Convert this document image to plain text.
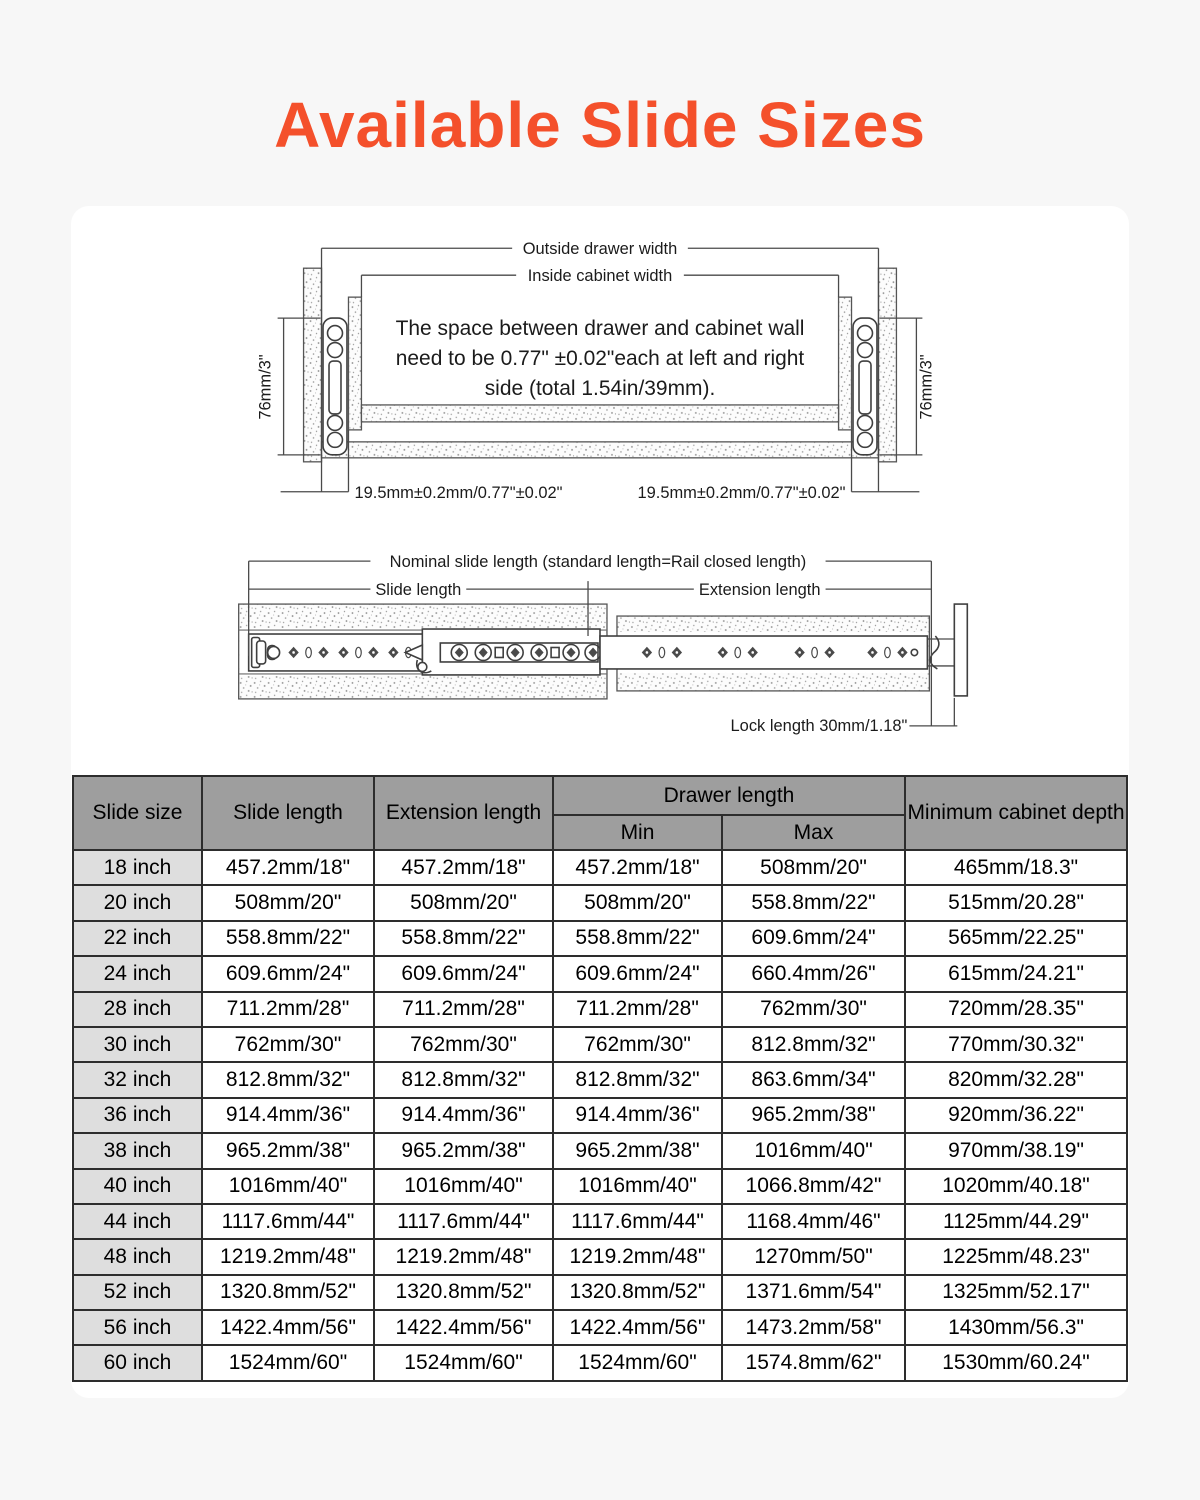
Available Slide Sizes
Outside drawer width
Inside cabinet width
76mm/3"	76mm/3"
19.5mm±0.2mm/0.77"±0.02"	19.5mm±0.2mm/0.77"±0.02"
The space between drawer and cabinet wall
need to be 0.77" ±0.02"each at left and right
side (total 1.54in/39mm).
Nominal slide length (standard length=Rail closed length)
Slide length	Extension length
Lock length 30mm/1.18"
Slide size	Slide length	Extension length	Drawer length		Minimum cabinet depth
			Min	Max	
18 inch	457.2mm/18"	457.2mm/18"	457.2mm/18"	508mm/20"	465mm/18.3"
20 inch	508mm/20"	508mm/20"	508mm/20"	558.8mm/22"	515mm/20.28"
22 inch	558.8mm/22"	558.8mm/22"	558.8mm/22"	609.6mm/24"	565mm/22.25"
24 inch	609.6mm/24"	609.6mm/24"	609.6mm/24"	660.4mm/26"	615mm/24.21"
28 inch	711.2mm/28"	711.2mm/28"	711.2mm/28"	762mm/30"	720mm/28.35"
30 inch	762mm/30"	762mm/30"	762mm/30"	812.8mm/32"	770mm/30.32"
32 inch	812.8mm/32"	812.8mm/32"	812.8mm/32"	863.6mm/34"	820mm/32.28"
36 inch	914.4mm/36"	914.4mm/36"	914.4mm/36"	965.2mm/38"	920mm/36.22"
38 inch	965.2mm/38"	965.2mm/38"	965.2mm/38"	1016mm/40"	970mm/38.19"
40 inch	1016mm/40"	1016mm/40"	1016mm/40"	1066.8mm/42"	1020mm/40.18"
44 inch	1117.6mm/44"	1117.6mm/44"	1117.6mm/44"	1168.4mm/46"	1125mm/44.29"
48 inch	1219.2mm/48"	1219.2mm/48"	1219.2mm/48"	1270mm/50"	1225mm/48.23"
52 inch	1320.8mm/52"	1320.8mm/52"	1320.8mm/52"	1371.6mm/54"	1325mm/52.17"
56 inch	1422.4mm/56"	1422.4mm/56"	1422.4mm/56"	1473.2mm/58"	1430mm/56.3"
60 inch	1524mm/60"	1524mm/60"	1524mm/60"	1574.8mm/62"	1530mm/60.24"
